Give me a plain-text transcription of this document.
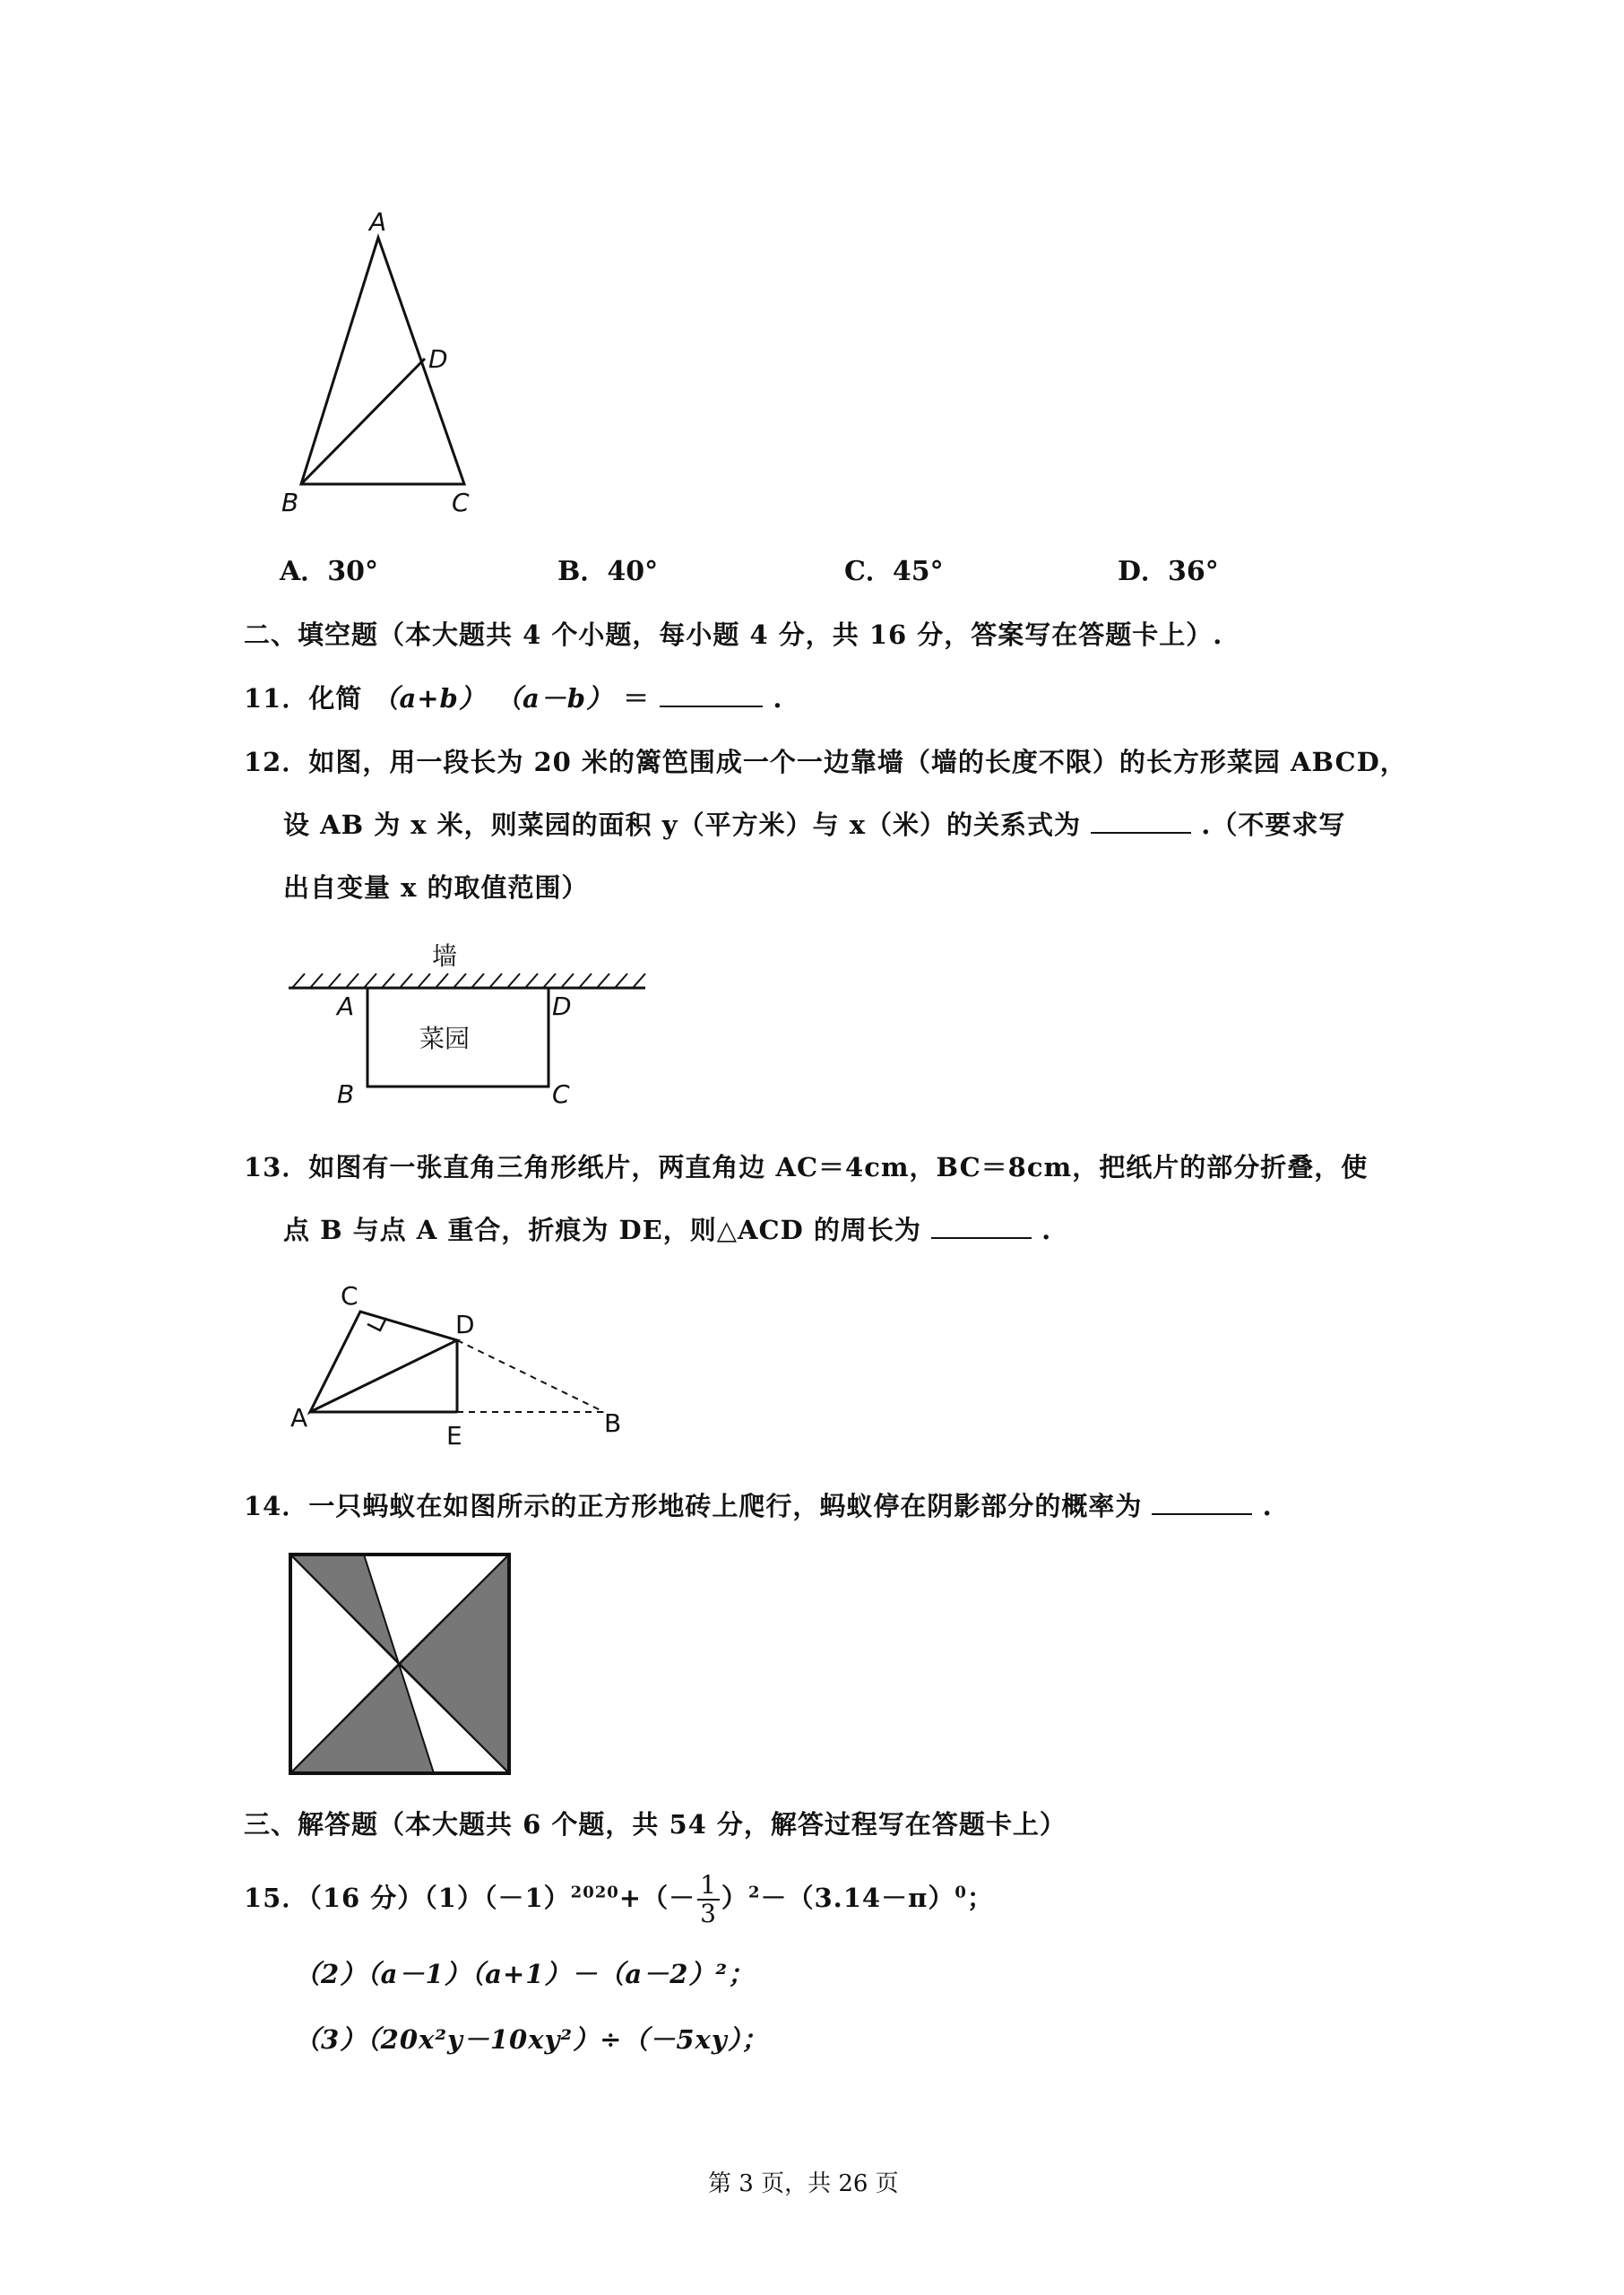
A
D
B	C
A．30°	B．40°	C．45°	D．36°
二、填空题（本大题共 4 个小题，每小题 4 分，共 16 分，答案写在答题卡上）.
11．化简 （a+b） （a－b） ＝	.
12．如图，用一段长为 20 米的篱笆围成一个一边靠墙（墙的长度不限）的长方形菜园 ABCD，
设 AB 为 x 米，则菜园的面积 y（平方米）与 x（米）的关系式为	.（不要求写
出自变量 x 的取值范围）
墙
菜园
A	D
B	C
13．如图有一张直角三角形纸片，两直角边 AC＝4cm，BC＝8cm，把纸片的部分折叠，使
点 B 与点 A 重合，折痕为 DE，则△ACD 的周长为	.
C
D
A
E	B
14．一只蚂蚁在如图所示的正方形地砖上爬行，蚂蚁停在阴影部分的概率为	.
三、解答题（本大题共 6 个题，共 54 分，解答过程写在答题卡上）
15．（16 分）$(1)(-1)^{2020}+(- \frac{1}{3} )^2-(3.14-\pi)^0$；
（2）（a－1）（a+1）－（a－2）²；
（3）（20x²y－10xy²）÷（－5xy）；
第 3 页，共 26 页
